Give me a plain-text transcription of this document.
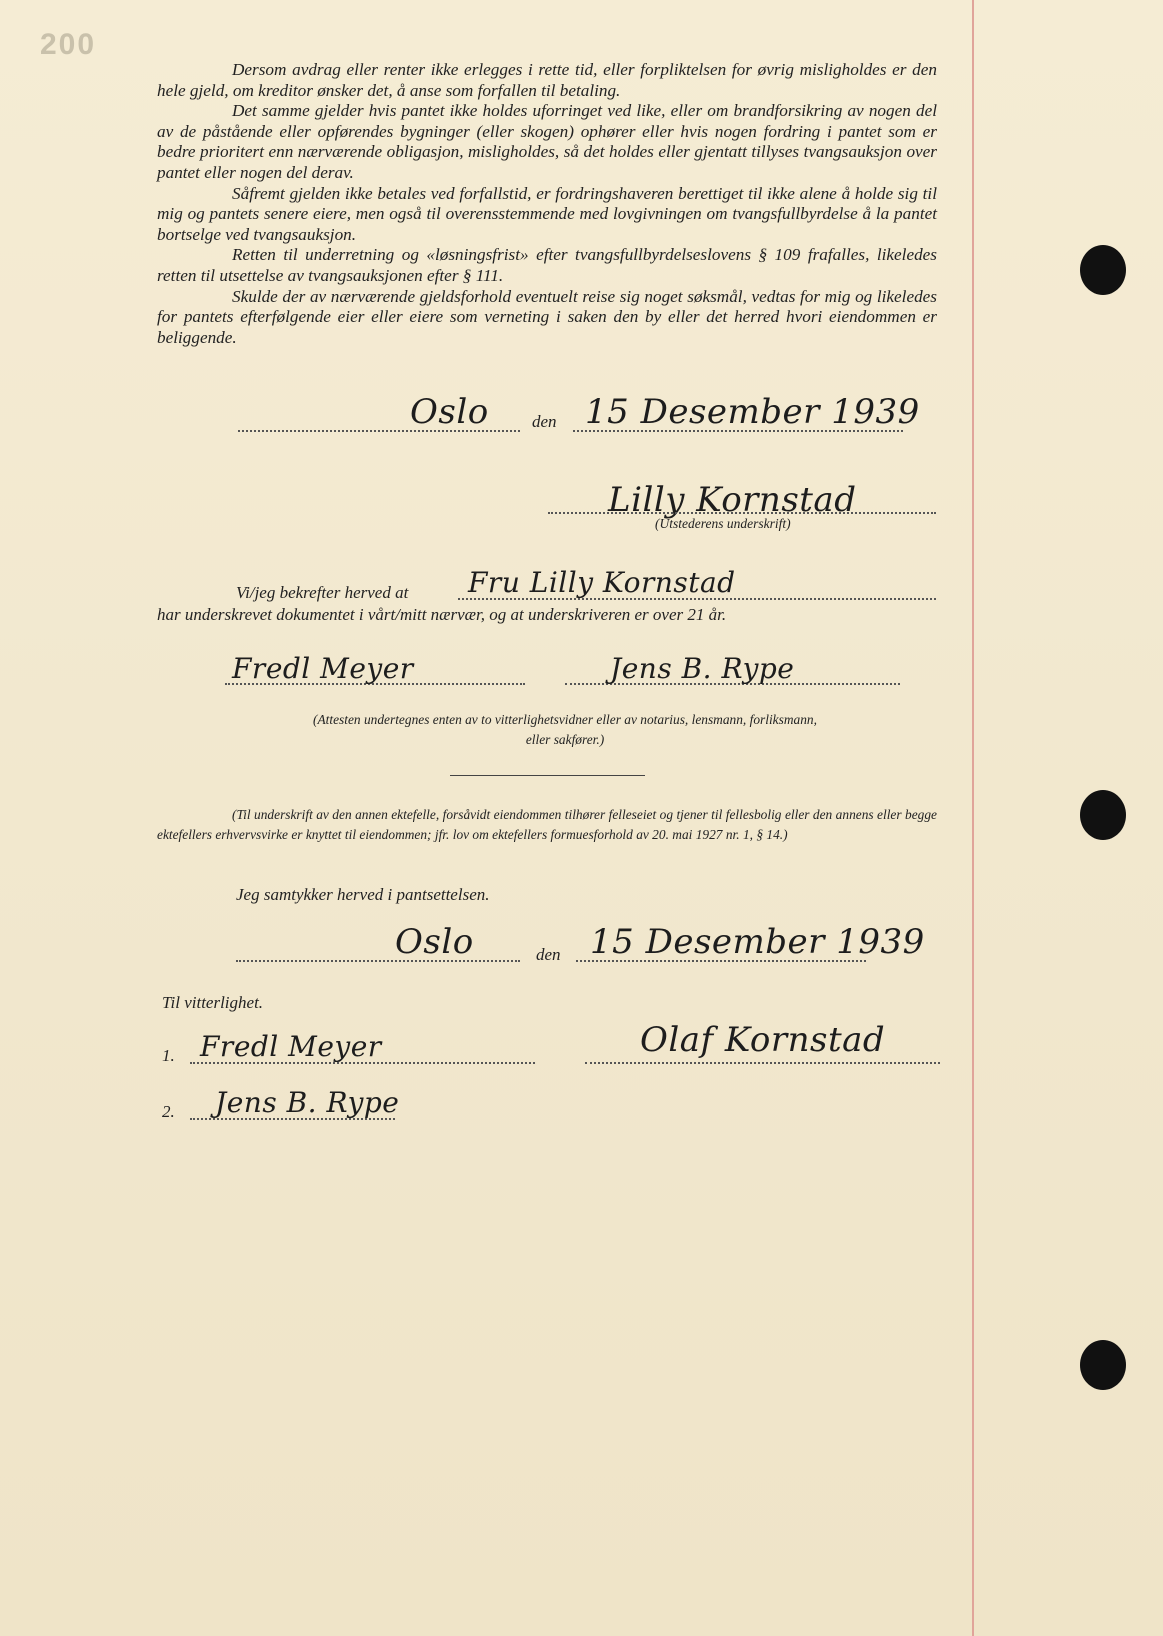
200

Dersom avdrag eller renter ikke erlegges i rette tid, eller forpliktelsen for øvrig misligholdes er den hele gjeld, om kreditor ønsker det, å anse som forfallen til betaling.

Det samme gjelder hvis pantet ikke holdes uforringet ved like, eller om brandforsikring av nogen del av de påstående eller opførendes bygninger (eller skogen) ophører eller hvis nogen fordring i pantet som er bedre prioritert enn nærværende obligasjon, misligholdes, så det holdes eller gjentatt tillyses tvangsauksjon over pantet eller nogen del derav.

Såfremt gjelden ikke betales ved forfallstid, er fordringshaveren berettiget til ikke alene å holde sig til mig og pantets senere eiere, men også til overensstemmende med lovgivningen om tvangsfullbyrdelse å la pantet bortselge ved tvangsauksjon.

Retten til underretning og «løsningsfrist» efter tvangsfullbyrdelseslovens § 109 frafalles, likeledes retten til utsettelse av tvangsauksjonen efter § 111.

Skulde der av nærværende gjeldsforhold eventuelt reise sig noget søksmål, vedtas for mig og likeledes for pantets efterfølgende eier eller eiere som verneting i saken den by eller det herred hvori eiendommen er beliggende.

Oslo	den 15 Desember 1939
Lilly Kornstad
(Utstederens underskrift)
Vi/jeg bekrefter herved at Fru Lilly Kornstad
har underskrevet dokumentet i vårt/mitt nærvær, og at underskriveren er over 21 år.
Fredl Meyer	Jens B. Rype
(Attesten undertegnes enten av to vitterlighetsvidner eller av notarius, lensmann, forliksmann,
eller sakfører.)
(Til underskrift av den annen ektefelle, forsåvidt eiendommen tilhører felleseiet og tjener til fellesbolig eller den annens eller begge ektefellers erhvervsvirke er knyttet til eiendommen; jfr. lov om ektefellers formuesforhold av 20. mai 1927 nr. 1, § 14.)
Jeg samtykker herved i pantsettelsen.
Oslo	den 15 Desember 1939
Til vitterlighet.
1. Fredl Meyer	Olaf Kornstad
2. Jens B. Rype
